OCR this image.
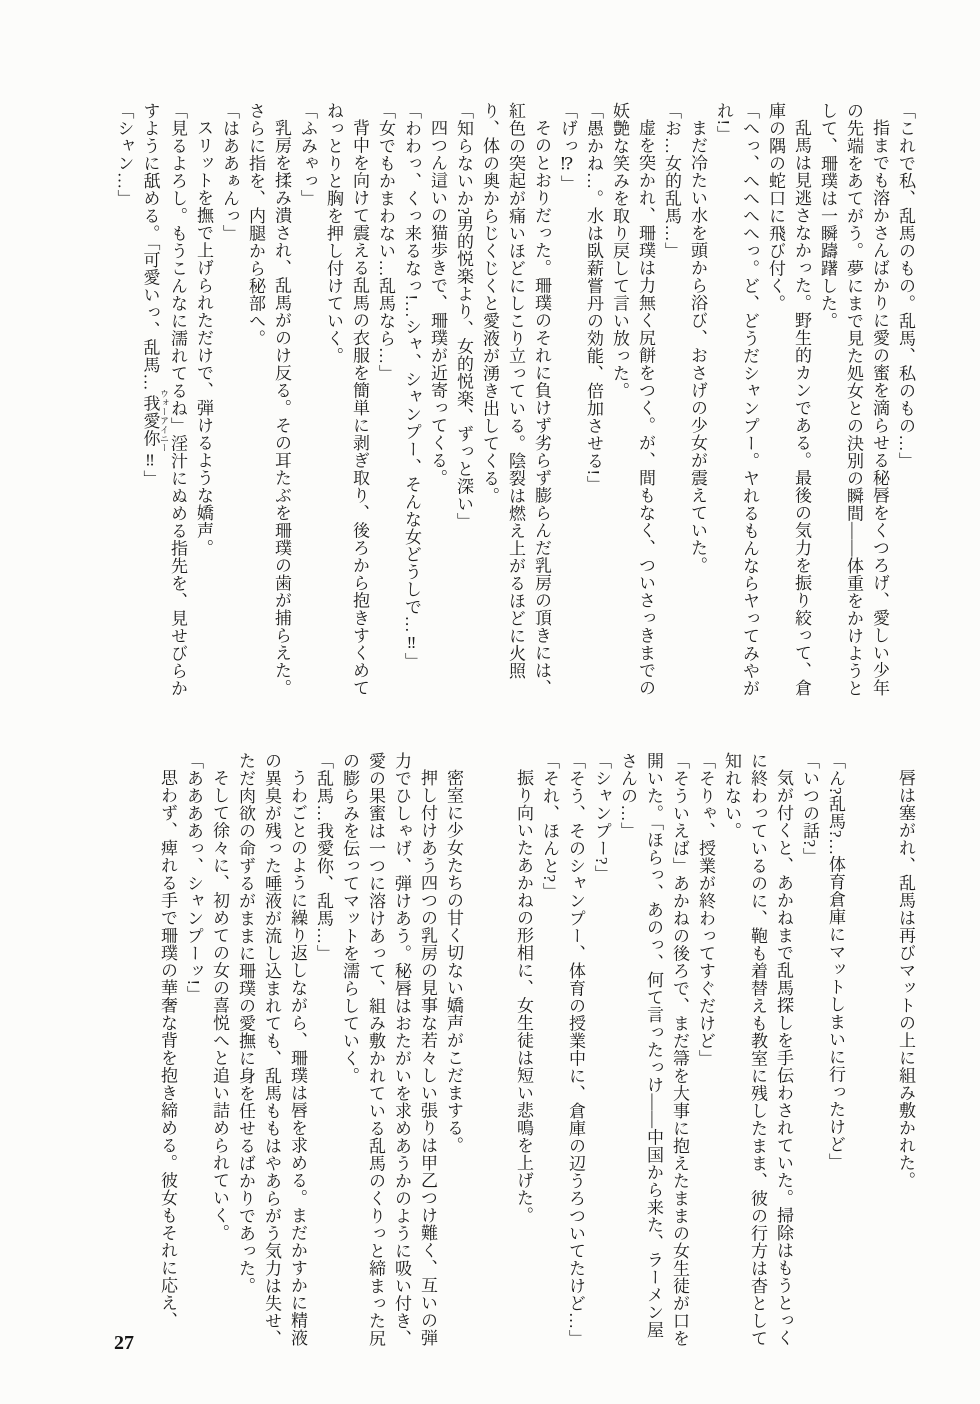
「これで私、乱馬のもの。乱馬、私のもの…」

指までも溶かさんばかりに愛の蜜を滴らせる秘唇をくつろげ、愛しい少年の先端をあてがう。夢にまで見た処女との決別の瞬間――体重をかけようとして、珊璞は一瞬躊躇した。

乱馬は見逃さなかった。野生的カンである。最後の気力を振り絞って、倉庫の隅の蛇口に飛び付く。

「へっ、へへへへっ。ど、どうだシャンプー。ヤれるもんならヤってみやがれ!」

まだ冷たい水を頭から浴び、おさげの少女が震えていた。

「お…女的乱馬…」

虚を突かれ、珊璞は力無く尻餅をつく。が、間もなく、ついさっきまでの妖艶な笑みを取り戻して言い放った。

「愚かね…。水は臥薪嘗丹の効能、倍加させる!」

「げっ⁉」

そのとおりだった。珊璞のそれに負けず劣らず膨らんだ乳房の頂きには、紅色の突起が痛いほどにしこり立っている。陰裂は燃え上がるほどに火照り、体の奥からじくじくと愛液が湧き出してくる。

「知らないか?男的悦楽より、女的悦楽、ずっと深い」

四つん這いの猫歩きで、珊璞が近寄ってくる。

「わわっ、くっ来るなっ!…シャ、シャンプー、そんな女どうしで…‼」

「女でもかまわない…乱馬なら…」

背中を向けて震える乱馬の衣服を簡単に剥ぎ取り、後ろから抱きすくめてねっとりと胸を押し付けていく。

「ふみゃっ」

乳房を揉み潰され、乱馬がのけ反る。その耳たぶを珊璞の歯が捕らえた。さらに指を、内腿から秘部へ。

「はああぁんっ」

スリットを撫で上げられただけで、弾けるような嬌声。

「見るよろし。もうこんなに濡れてるね」淫汁にぬめる指先を、見せびらかすように舐める。「可愛いっ、乱馬…我愛你 ウォーアイニー‼」

「シャン…」

唇は塞がれ、乱馬は再びマットの上に組み敷かれた。

「ん?乱馬?…体育倉庫にマットしまいに行ったけど」

「いつの話?」

気が付くと、あかねまで乱馬探しを手伝わされていた。掃除はもうとっくに終わっているのに、鞄も着替えも教室に残したまま、彼の行方は杳として知れない。

「そりゃ、授業が終わってすぐだけど」

「そういえば」あかねの後ろで、まだ箒を大事に抱えたままの女生徒が口を開いた。「ほらっ、あのっ、何て言ったっけ――中国から来た、ラーメン屋さんの…」

「シャンプー?」

「そう、そのシャンプー、体育の授業中に、倉庫の辺うろついてたけど…」

「それ、ほんと?」

振り向いたあかねの形相に、女生徒は短い悲鳴を上げた。

密室に少女たちの甘く切ない嬌声がこだまする。

押し付けあう四つの乳房の見事な若々しい張りは甲乙つけ難く、互いの弾力でひしゃげ、弾けあう。秘唇はおたがいを求めあうかのように吸い付き、愛の果蜜は一つに溶けあって、組み敷かれている乱馬のくりっと締まった尻の膨らみを伝ってマットを濡らしていく。

「乱馬…我愛你、乱馬…」

うわごとのように繰り返しながら、珊璞は唇を求める。まだかすかに精液の異臭が残った唾液が流し込まれても、乱馬ももはやあらがう気力は失せ、ただ肉欲の命ずるがままに珊璞の愛撫に身を任せるばかりであった。

そして徐々に、初めての女の喜悦へと追い詰められていく。

「ああああっ、シャンプーッ!」

思わず、痺れる手で珊璞の華奢な背を抱き締める。彼女もそれに応え、

27
